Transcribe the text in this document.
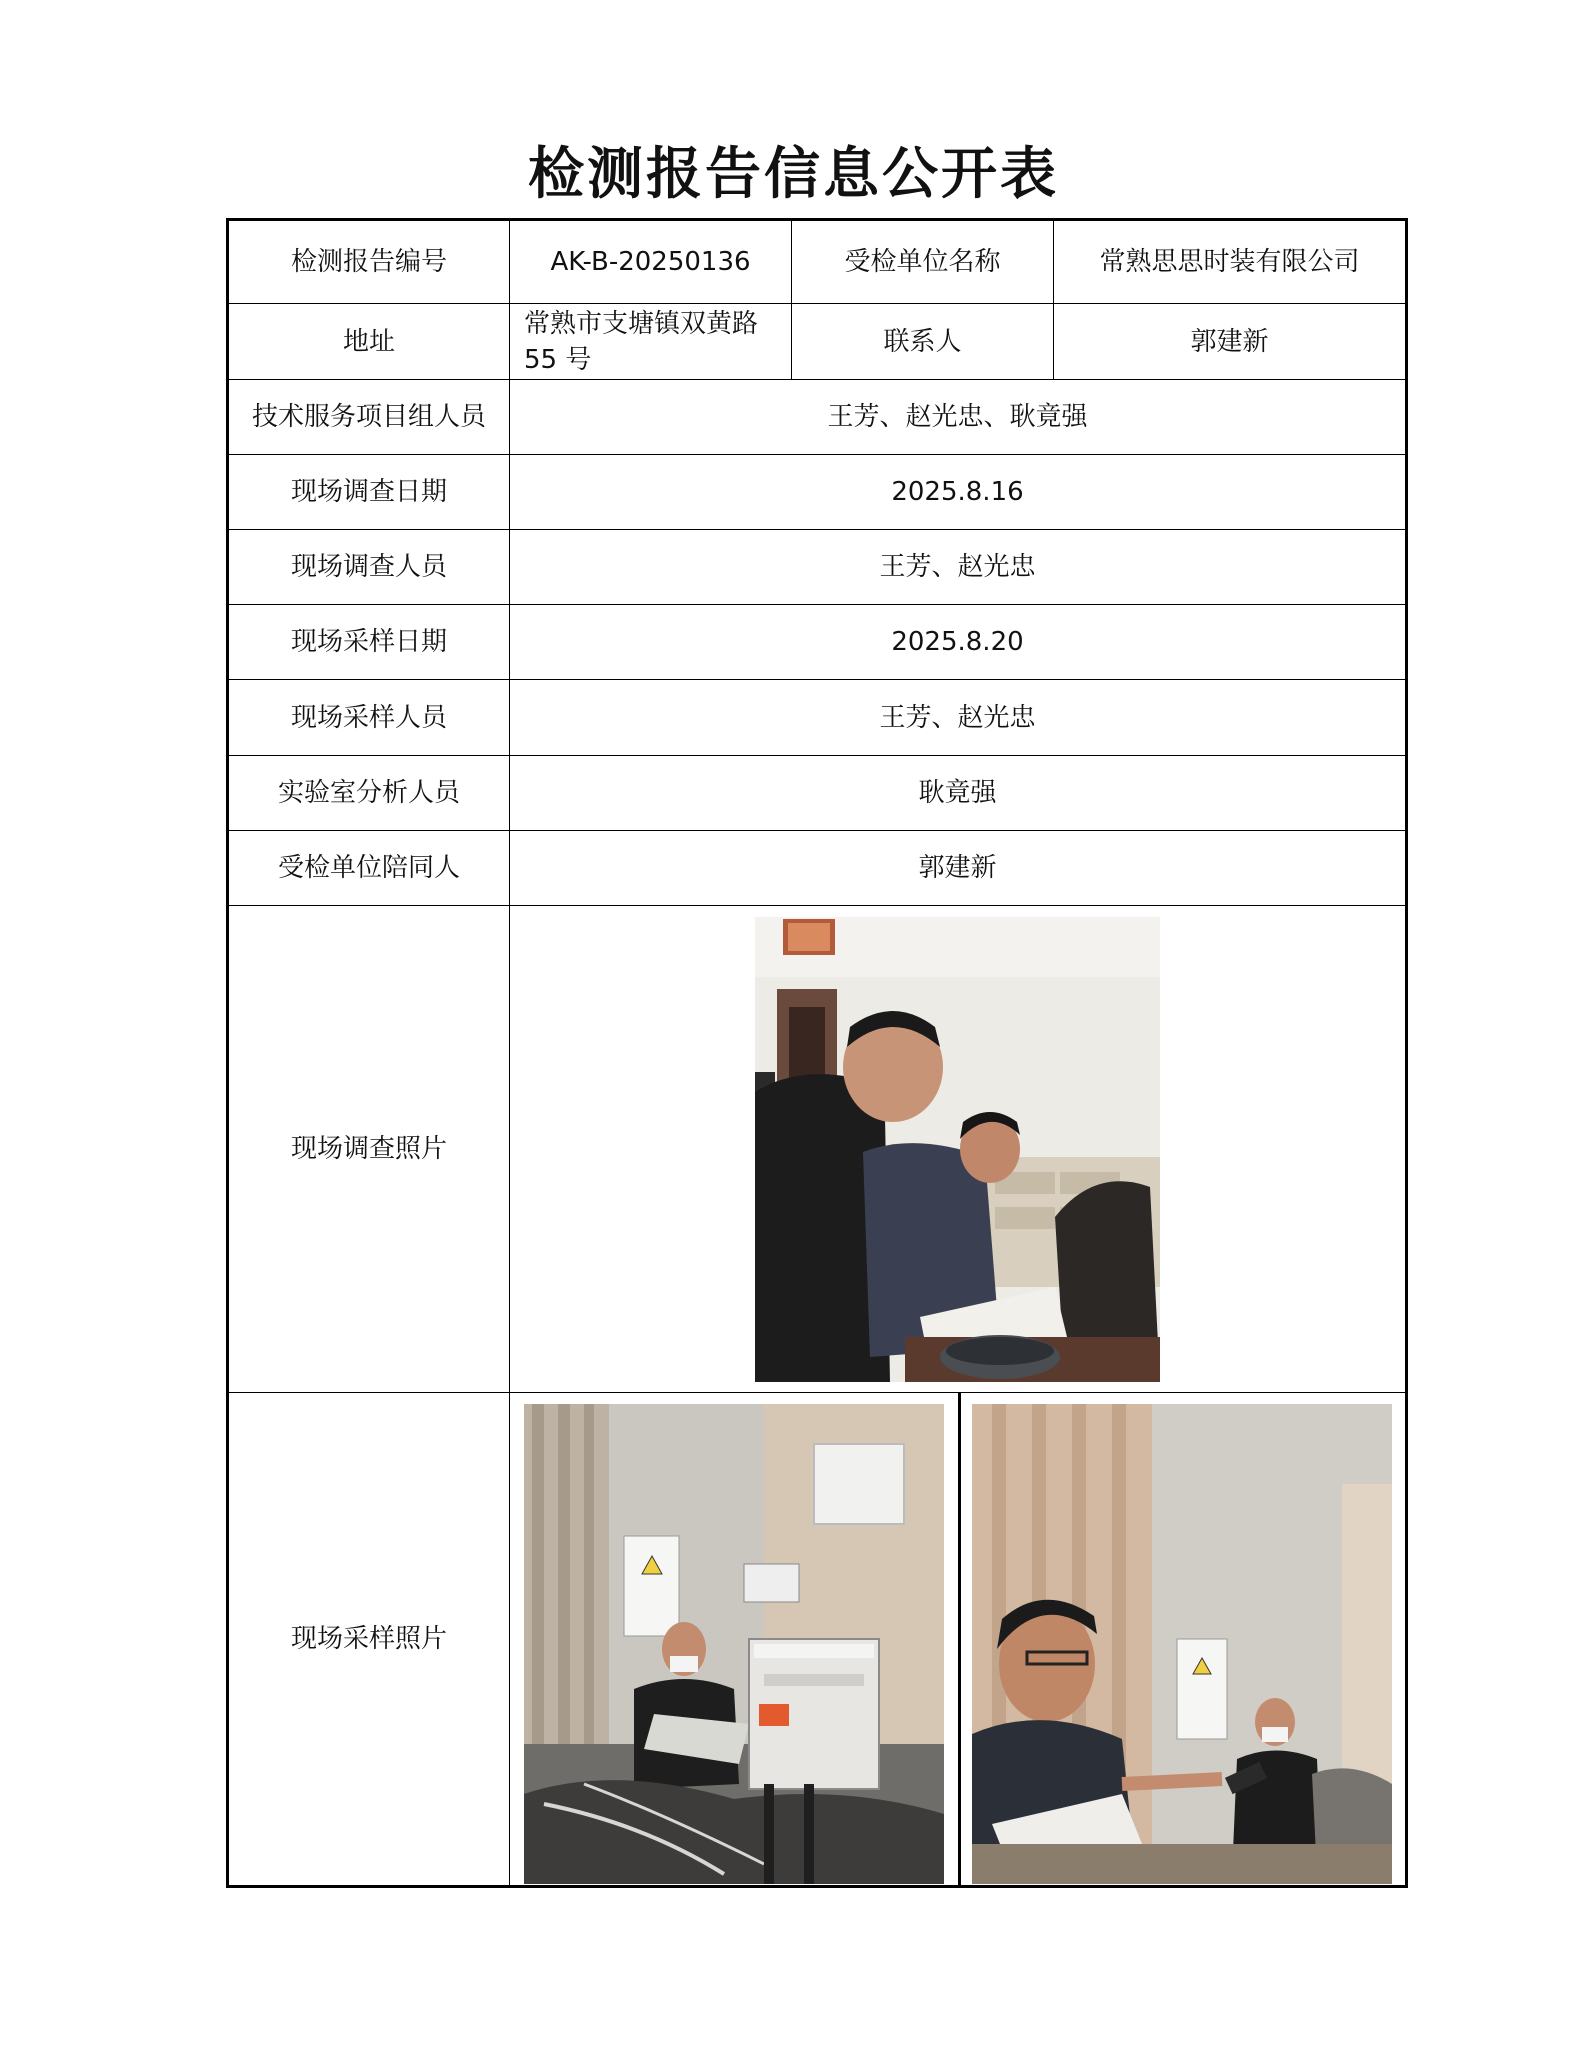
检测报告信息公开表
检测报告编号	AK-B-20250136	受检单位名称	常熟思思时装有限公司
地址	常熟市支塘镇双黄路 55 号	联系人	郭建新
技术服务项目组人员	王芳、赵光忠、耿竟强		
现场调查日期	2025.8.16		
现场调查人员	王芳、赵光忠		
现场采样日期	2025.8.20		
现场采样人员	王芳、赵光忠		
实验室分析人员	耿竟强		
受检单位陪同人	郭建新		
现场调查照片	

现场采样照片	
